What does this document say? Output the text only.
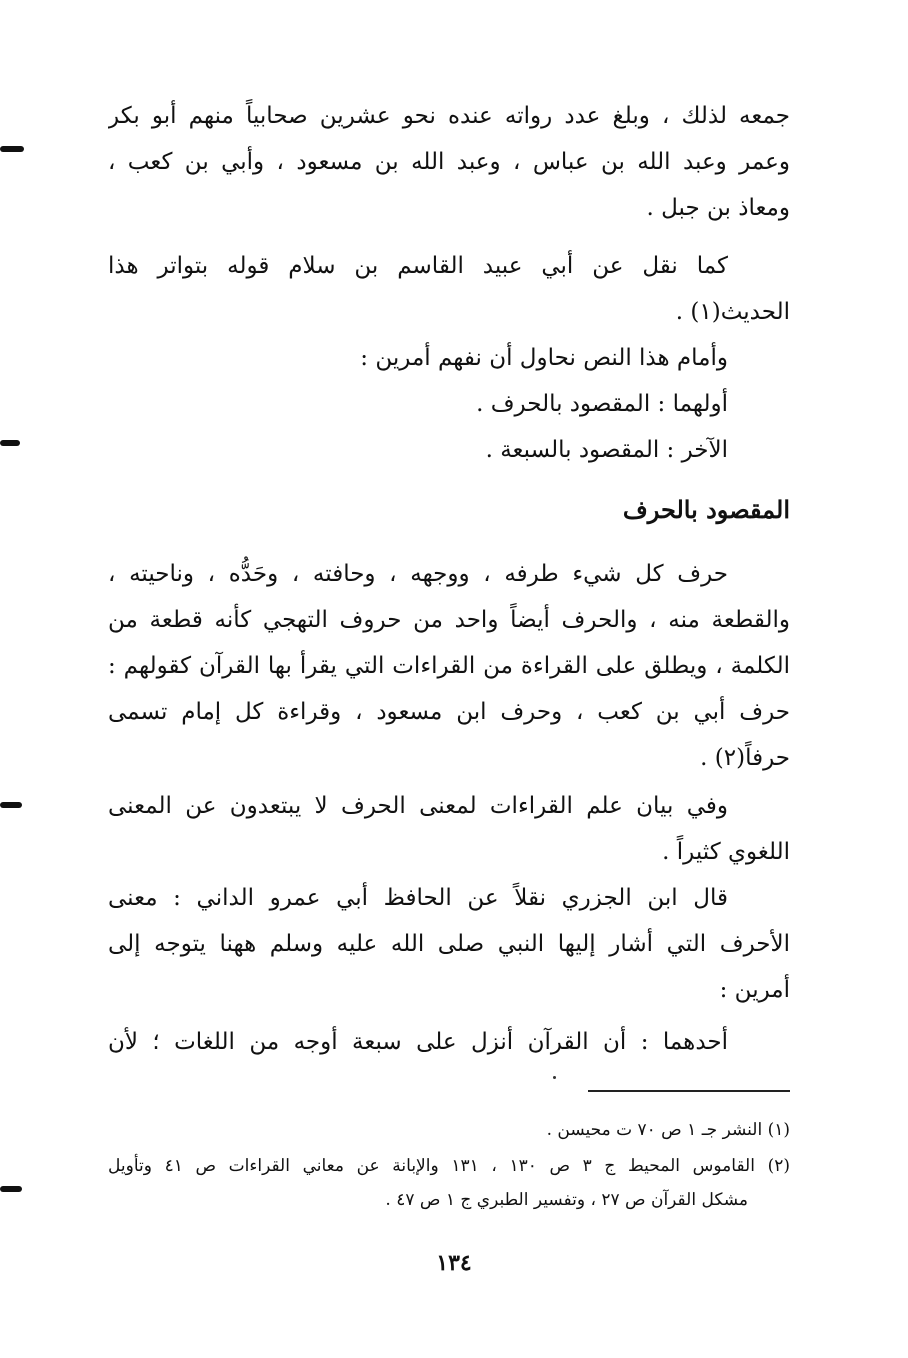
جمعه لذلك ، وبلغ عدد رواته عنده نحو عشرين صحابياً منهم أبو بكر
وعمر وعبد الله بن عباس ، وعبد الله بن مسعود ، وأبي بن كعب ،
ومعاذ بن جبل .
كما نقل عن أبي عبيد القاسم بن سلام قوله بتواتر هذا
الحديث(١) .
وأمام هذا النص نحاول أن نفهم أمرين :
أولهما : المقصود بالحرف .
الآخر : المقصود بالسبعة .
المقصود بالحرف
حرف كل شيء طرفه ، ووجهه ، وحافته ، وحَدُّه ، وناحيته ،
والقطعة منه ، والحرف أيضاً واحد من حروف التهجي كأنه قطعة من
الكلمة ، ويطلق على القراءة من القراءات التي يقرأ بها القرآن كقولهم :
حرف أبي بن كعب ، وحرف ابن مسعود ، وقراءة كل إمام تسمى
حرفاً(٢) .
وفي بيان علم القراءات لمعنى الحرف لا يبتعدون عن المعنى
اللغوي كثيراً .
قال ابن الجزري نقلاً عن الحافظ أبي عمرو الداني : معنى
الأحرف التي أشار إليها النبي صلى الله عليه وسلم ههنا يتوجه إلى
أمرين :
أحدهما : أن القرآن أنزل على سبعة أوجه من اللغات ؛ لأن
(١) النشر جـ ١ ص ٧٠ ت محيسن .
(٢) القاموس المحيط ج ٣ ص ١٣٠ ، ١٣١ والإبانة عن معاني القراءات ص ٤١ وتأويل
مشكل القرآن ص ٢٧ ، وتفسير الطبري ج ١ ص ٤٧ .
١٣٤
